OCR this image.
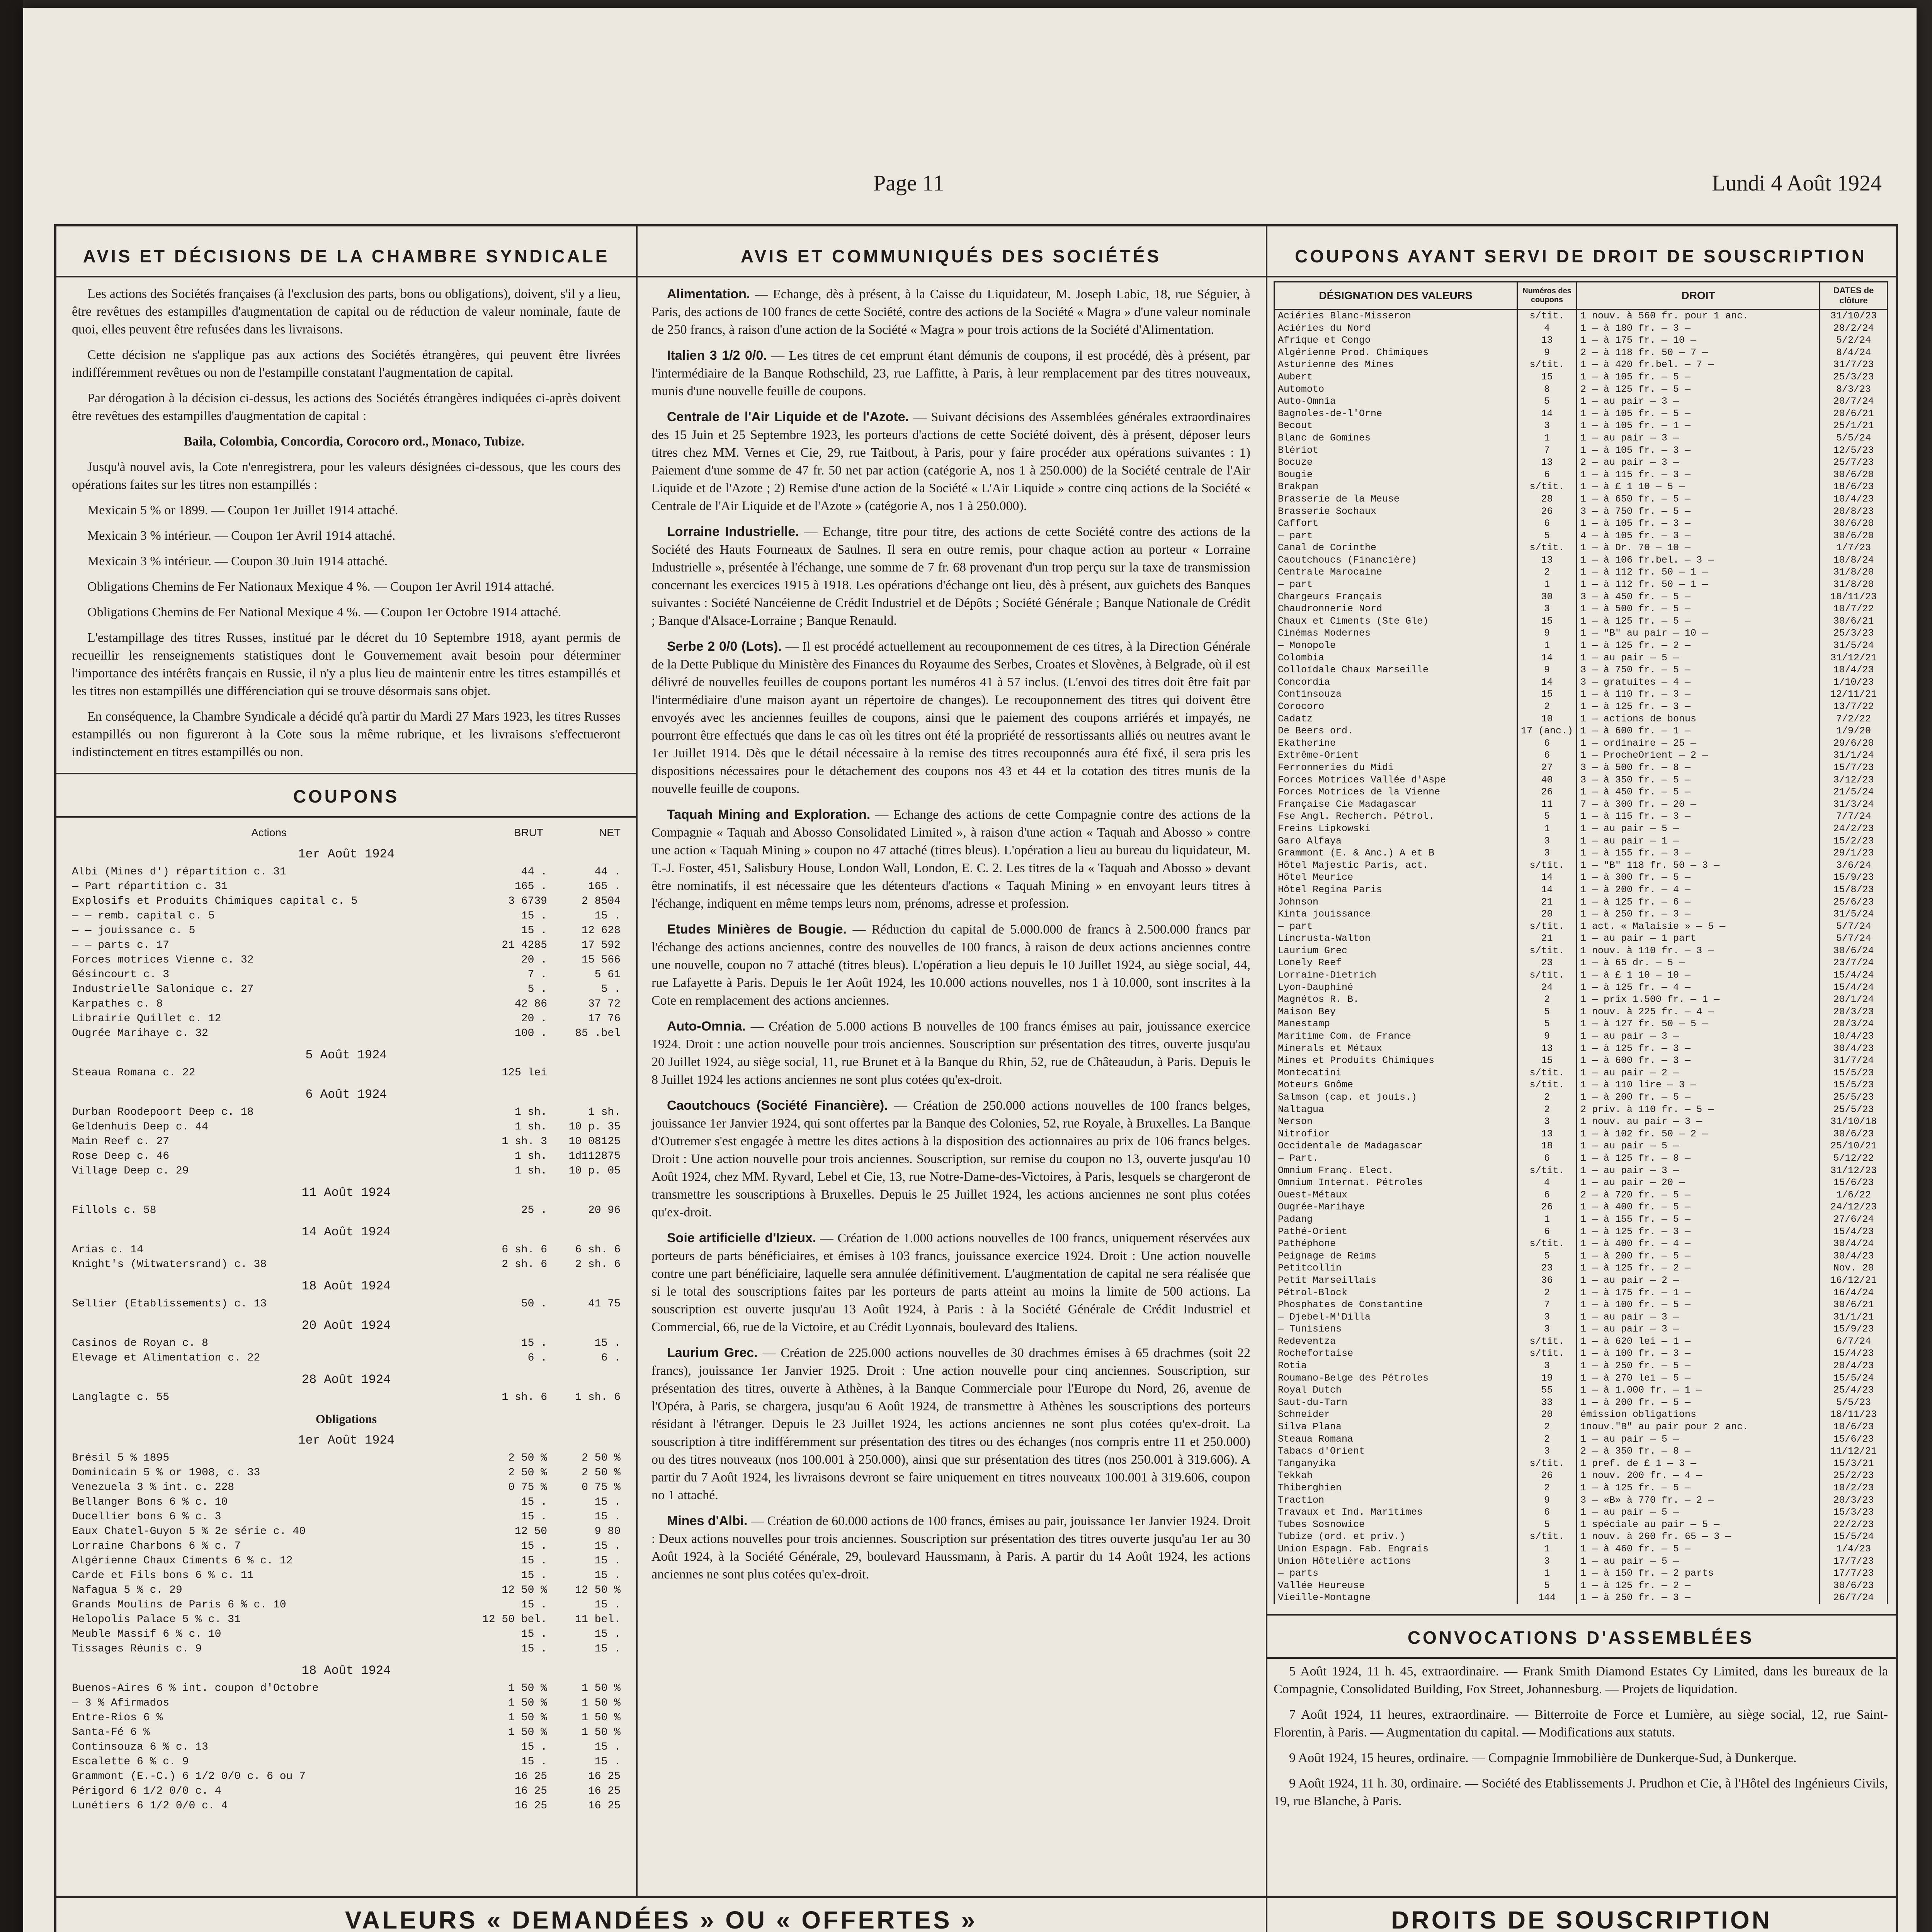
Page 11	Lundi 4 Août 1924
AVIS ET DÉCISIONS DE LA CHAMBRE SYNDICALE

Les actions des Sociétés françaises (à l'exclusion des parts, bons ou obligations), doivent, s'il y a lieu, être revêtues des estampilles d'augmentation de capital ou de réduction de valeur nominale, faute de quoi, elles peuvent être refusées dans les livraisons.

Cette décision ne s'applique pas aux actions des Sociétés étrangères, qui peuvent être livrées indifféremment revêtues ou non de l'estampille constatant l'augmentation de capital.

Par dérogation à la décision ci-dessus, les actions des Sociétés étrangères indiquées ci-après doivent être revêtues des estampilles d'augmentation de capital :

Baila, Colombia, Concordia, Corocoro ord., Monaco, Tubize.

Jusqu'à nouvel avis, la Cote n'enregistrera, pour les valeurs désignées ci-dessous, que les cours des opérations faites sur les titres non estampillés :

Mexicain 5 % or 1899. — Coupon 1er Juillet 1914 attaché.

Mexicain 3 % intérieur. — Coupon 1er Avril 1914 attaché.

Mexicain 3 % intérieur. — Coupon 30 Juin 1914 attaché.

Obligations Chemins de Fer Nationaux Mexique 4 %. — Coupon 1er Avril 1914 attaché.

Obligations Chemins de Fer National Mexique 4 %. — Coupon 1er Octobre 1914 attaché.

L'estampillage des titres Russes, institué par le décret du 10 Septembre 1918, ayant permis de recueillir les renseignements statistiques dont le Gouvernement avait besoin pour déterminer l'importance des intérêts français en Russie, il n'y a plus lieu de maintenir entre les titres estampillés et les titres non estampillés une différenciation qui se trouve désormais sans objet.

En conséquence, la Chambre Syndicale a décidé qu'à partir du Mardi 27 Mars 1923, les titres Russes estampillés ou non figureront à la Cote sous la même rubrique, et les livraisons s'effectueront indistinctement en titres estampillés ou non.

COUPONS
Actions	BRUT	NET
1er Août 1924
Albi (Mines d') répartition c. 31	44 .	44 .
— Part répartition c. 31	165 .	165 .
Explosifs et Produits Chimiques capital c. 5	3 6739	2 8504
— — remb. capital c. 5	15 .	15 .
— — jouissance c. 5	15 .	12 628
— — parts c. 17	21 4285	17 592
Forces motrices Vienne c. 32	20 .	15 566
Gésincourt c. 3	7 .	5 61
Industrielle Salonique c. 27	5 .	5 .
Karpathes c. 8	42 86	37 72
Librairie Quillet c. 12	20 .	17 76
Ougrée Marihaye c. 32	100 .	85 .bel
5 Août 1924
Steaua Romana c. 22	125 lei
6 Août 1924
Durban Roodepoort Deep c. 18	1 sh.	1 sh.
Geldenhuis Deep c. 44	1 sh.	10 p. 35
Main Reef c. 27	1 sh. 3	10 08125
Rose Deep c. 46	1 sh.	1d112875
Village Deep c. 29	1 sh.	10 p. 05
11 Août 1924
Fillols c. 58	25 .	20 96
14 Août 1924
Arias c. 14	6 sh. 6	6 sh. 6
Knight's (Witwatersrand) c. 38	2 sh. 6	2 sh. 6
18 Août 1924
Sellier (Etablissements) c. 13	50 .	41 75
20 Août 1924
Casinos de Royan c. 8	15 .	15 .
Elevage et Alimentation c. 22	6 .	6 .
28 Août 1924
Langlagte c. 55	1 sh. 6	1 sh. 6
Obligations
1er Août 1924
Brésil 5 % 1895	2 50 %	2 50 %
Dominicain 5 % or 1908, c. 33	2 50 %	2 50 %
Venezuela 3 % int. c. 228	0 75 %	0 75 %
Bellanger Bons 6 % c. 10	15 .	15 .
Ducellier bons 6 % c. 3	15 .	15 .
Eaux Chatel-Guyon 5 % 2e série c. 40	12 50	9 80
Lorraine Charbons 6 % c. 7	15 .	15 .
Algérienne Chaux Ciments 6 % c. 12	15 .	15 .
Carde et Fils bons 6 % c. 11	15 .	15 .
Nafagua 5 % c. 29	12 50 %	12 50 %
Grands Moulins de Paris 6 % c. 10	15 .	15 .
Helopolis Palace 5 % c. 31	12 50 bel.	11 bel.
Meuble Massif 6 % c. 10	15 .	15 .
Tissages Réunis c. 9	15 .	15 .
18 Août 1924
Buenos-Aires 6 % int. coupon d'Octobre	1 50 %	1 50 %
— 3 % Afirmados	1 50 %	1 50 %
Entre-Rios 6 %	1 50 %	1 50 %
Santa-Fé 6 %	1 50 %	1 50 %
Continsouza 6 % c. 13	15 .	15 .
Escalette 6 % c. 9	15 .	15 .
Grammont (E.-C.) 6 1/2 0/0 c. 6 ou 7	16 25	16 25
Périgord 6 1/2 0/0 c. 4	16 25	16 25
Lunétiers 6 1/2 0/0 c. 4	16 25	16 25
AVIS ET COMMUNIQUÉS DES SOCIÉTÉS

Alimentation. — Echange, dès à présent, à la Caisse du Liquidateur, M. Joseph Labic, 18, rue Séguier, à Paris, des actions de 100 francs de cette Société, contre des actions de la Société « Magra » d'une valeur nominale de 250 francs, à raison d'une action de la Société « Magra » pour trois actions de la Société d'Alimentation.

Italien 3 1/2 0/0. — Les titres de cet emprunt étant démunis de coupons, il est procédé, dès à présent, par l'intermédiaire de la Banque Rothschild, 23, rue Laffitte, à Paris, à leur remplacement par des titres nouveaux, munis d'une nouvelle feuille de coupons.

Centrale de l'Air Liquide et de l'Azote. — Suivant décisions des Assemblées générales extraordinaires des 15 Juin et 25 Septembre 1923, les porteurs d'actions de cette Société doivent, dès à présent, déposer leurs titres chez MM. Vernes et Cie, 29, rue Taitbout, à Paris, pour y faire procéder aux opérations suivantes : 1) Paiement d'une somme de 47 fr. 50 net par action (catégorie A, nos 1 à 250.000) de la Société centrale de l'Air Liquide et de l'Azote ; 2) Remise d'une action de la Société « L'Air Liquide » contre cinq actions de la Société « Centrale de l'Air Liquide et de l'Azote » (catégorie A, nos 1 à 250.000).

Lorraine Industrielle. — Echange, titre pour titre, des actions de cette Société contre des actions de la Société des Hauts Fourneaux de Saulnes. Il sera en outre remis, pour chaque action au porteur « Lorraine Industrielle », présentée à l'échange, une somme de 7 fr. 68 provenant d'un trop perçu sur la taxe de transmission concernant les exercices 1915 à 1918. Les opérations d'échange ont lieu, dès à présent, aux guichets des Banques suivantes : Société Nancéienne de Crédit Industriel et de Dépôts ; Société Générale ; Banque Nationale de Crédit ; Banque d'Alsace-Lorraine ; Banque Renauld.

Serbe 2 0/0 (Lots). — Il est procédé actuellement au recouponnement de ces titres, à la Direction Générale de la Dette Publique du Ministère des Finances du Royaume des Serbes, Croates et Slovènes, à Belgrade, où il est délivré de nouvelles feuilles de coupons portant les numéros 41 à 57 inclus. (L'envoi des titres doit être fait par l'intermédiaire d'une maison ayant un répertoire de changes). Le recouponnement des titres qui doivent être envoyés avec les anciennes feuilles de coupons, ainsi que le paiement des coupons arriérés et impayés, ne pourront être effectués que dans le cas où les titres ont été la propriété de ressortissants alliés ou neutres avant le 1er Juillet 1914. Dès que le détail nécessaire à la remise des titres recouponnés aura été fixé, il sera pris les dispositions nécessaires pour le détachement des coupons nos 43 et 44 et la cotation des titres munis de la nouvelle feuille de coupons.

Taquah Mining and Exploration. — Echange des actions de cette Compagnie contre des actions de la Compagnie « Taquah and Abosso Consolidated Limited », à raison d'une action « Taquah and Abosso » contre une action « Taquah Mining » coupon no 47 attaché (titres bleus). L'opération a lieu au bureau du liquidateur, M. T.-J. Foster, 451, Salisbury House, London Wall, London, E. C. 2. Les titres de la « Taquah and Abosso » devant être nominatifs, il est nécessaire que les détenteurs d'actions « Taquah Mining » en envoyant leurs titres à l'échange, indiquent en même temps leurs nom, prénoms, adresse et profession.

Etudes Minières de Bougie. — Réduction du capital de 5.000.000 de francs à 2.500.000 francs par l'échange des actions anciennes, contre des nouvelles de 100 francs, à raison de deux actions anciennes contre une nouvelle, coupon no 7 attaché (titres bleus). L'opération a lieu depuis le 10 Juillet 1924, au siège social, 44, rue Lafayette à Paris. Depuis le 1er Août 1924, les 10.000 actions nouvelles, nos 1 à 10.000, sont inscrites à la Cote en remplacement des actions anciennes.

Auto-Omnia. — Création de 5.000 actions B nouvelles de 100 francs émises au pair, jouissance exercice 1924. Droit : une action nouvelle pour trois anciennes. Souscription sur présentation des titres, ouverte jusqu'au 20 Juillet 1924, au siège social, 11, rue Brunet et à la Banque du Rhin, 52, rue de Châteaudun, à Paris. Depuis le 8 Juillet 1924 les actions anciennes ne sont plus cotées qu'ex-droit.

Caoutchoucs (Société Financière). — Création de 250.000 actions nouvelles de 100 francs belges, jouissance 1er Janvier 1924, qui sont offertes par la Banque des Colonies, 52, rue Royale, à Bruxelles. La Banque d'Outremer s'est engagée à mettre les dites actions à la disposition des actionnaires au prix de 106 francs belges. Droit : Une action nouvelle pour trois anciennes. Souscription, sur remise du coupon no 13, ouverte jusqu'au 10 Août 1924, chez MM. Ryvard, Lebel et Cie, 13, rue Notre-Dame-des-Victoires, à Paris, lesquels se chargeront de transmettre les souscriptions à Bruxelles. Depuis le 25 Juillet 1924, les actions anciennes ne sont plus cotées qu'ex-droit.

Soie artificielle d'Izieux. — Création de 1.000 actions nouvelles de 100 francs, uniquement réservées aux porteurs de parts bénéficiaires, et émises à 103 francs, jouissance exercice 1924. Droit : Une action nouvelle contre une part bénéficiaire, laquelle sera annulée définitivement. L'augmentation de capital ne sera réalisée que si le total des souscriptions faites par les porteurs de parts atteint au moins la limite de 500 actions. La souscription est ouverte jusqu'au 13 Août 1924, à Paris : à la Société Générale de Crédit Industriel et Commercial, 66, rue de la Victoire, et au Crédit Lyonnais, boulevard des Italiens.

Laurium Grec. — Création de 225.000 actions nouvelles de 30 drachmes émises à 65 drachmes (soit 22 francs), jouissance 1er Janvier 1925. Droit : Une action nouvelle pour cinq anciennes. Souscription, sur présentation des titres, ouverte à Athènes, à la Banque Commerciale pour l'Europe du Nord, 26, avenue de l'Opéra, à Paris, se chargera, jusqu'au 6 Août 1924, de transmettre à Athènes les souscriptions des porteurs résidant à l'étranger. Depuis le 23 Juillet 1924, les actions anciennes ne sont plus cotées qu'ex-droit. La souscription à titre indifféremment sur présentation des titres ou des échanges (nos compris entre 11 et 250.000) ou des titres nouveaux (nos 100.001 à 250.000), ainsi que sur présentation des titres (nos 250.001 à 319.606). A partir du 7 Août 1924, les livraisons devront se faire uniquement en titres nouveaux 100.001 à 319.606, coupon no 1 attaché.

Mines d'Albi. — Création de 60.000 actions de 100 francs, émises au pair, jouissance 1er Janvier 1924. Droit : Deux actions nouvelles pour trois anciennes. Souscription sur présentation des titres ouverte jusqu'au 1er au 30 Août 1924, à la Société Générale, 29, boulevard Haussmann, à Paris. A partir du 14 Août 1924, les actions anciennes ne sont plus cotées qu'ex-droit.

COUPONS AYANT SERVI DE DROIT DE SOUSCRIPTION
DÉSIGNATION DES VALEURS	Numéros des coupons	DROIT	DATES de clôture
Aciéries Blanc-Misseron	s/tit.	1 nouv. à 560 fr. pour 1 anc.	31/10/23
Aciéries du Nord	4	1 — à 180 fr. — 3 —	28/2/24
Afrique et Congo	13	1 — à 175 fr. — 10 —	5/2/24
Algérienne Prod. Chimiques	9	2 — à 118 fr. 50 — 7 —	8/4/24
Asturienne des Mines	s/tit.	1 — à 420 fr.bel. — 7 —	31/7/23
Aubert	15	1 — à 105 fr. — 5 —	25/3/23
Automoto	8	2 — à 125 fr. — 5 —	8/3/23
Auto-Omnia	5	1 — au pair — 3 —	20/7/24
Bagnoles-de-l'Orne	14	1 — à 105 fr. — 5 —	20/6/21
Becout	3	1 — à 105 fr. — 1 —	25/1/21
Blanc de Gomines	1	1 — au pair — 3 —	5/5/24
Blériot	7	1 — à 105 fr. — 3 —	12/5/23
Bocuze	13	2 — au pair — 3 —	25/7/23
Bougie	6	1 — à 115 fr. — 3 —	30/6/20
Brakpan	s/tit.	1 — à £ 1 10 — 5 —	18/6/23
Brasserie de la Meuse	28	1 — à 650 fr. — 5 —	10/4/23
Brasserie Sochaux	26	3 — à 750 fr. — 5 —	20/8/23
Caffort	6	1 — à 105 fr. — 3 —	30/6/20
— part	5	4 — à 105 fr. — 3 —	30/6/20
Canal de Corinthe	s/tit.	1 — à Dr. 70 — 10 —	1/7/23
Caoutchoucs (Financière)	13	1 — à 106 fr.bel. — 3 —	10/8/24
Centrale Marocaine	2	1 — à 112 fr. 50 — 1 —	31/8/20
— part	1	1 — à 112 fr. 50 — 1 —	31/8/20
Chargeurs Français	30	3 — à 450 fr. — 5 —	18/11/23
Chaudronnerie Nord	3	1 — à 500 fr. — 5 —	10/7/22
Chaux et Ciments (Ste Gle)	15	1 — à 125 fr. — 5 —	30/6/21
Cinémas Modernes	9	1 — "B" au pair — 10 —	25/3/23
— Monopole	1	1 — à 125 fr. — 2 —	31/5/24
Colombia	14	1 — au pair — 5 —	31/12/21
Colloïdale Chaux Marseille	9	3 — à 750 fr. — 5 —	10/4/23
Concordia	14	3 — gratuites — 4 —	1/10/23
Continsouza	15	1 — à 110 fr. — 3 —	12/11/21
Corocoro	2	1 — à 125 fr. — 3 —	13/7/22
Cadatz	10	1 — actions de bonus	7/2/22
De Beers ord.	17 (anc.)	1 — à 600 fr. — 1 —	1/9/20
Ekatherine	6	1 — ordinaire — 25 —	29/6/20
Extrême-Orient	6	1 — ProcheOrient — 2 —	31/1/24
Ferronneries du Midi	27	3 — à 500 fr. — 8 —	15/7/23
Forces Motrices Vallée d'Aspe	40	3 — à 350 fr. — 5 —	3/12/23
Forces Motrices de la Vienne	26	1 — à 450 fr. — 5 —	21/5/24
Française Cie Madagascar	11	7 — à 300 fr. — 20 —	31/3/24
Fse Angl. Recherch. Pétrol.	5	1 — à 115 fr. — 3 —	7/7/24
Freins Lipkowski	1	1 — au pair — 5 —	24/2/23
Garo Alfaya	3	1 — au pair — 1 —	15/2/23
Grammont (E. & Anc.) A et B	3	1 — à 155 fr. — 3 —	29/1/23
Hôtel Majestic Paris, act.	s/tit.	1 — "B" 118 fr. 50 — 3 —	3/6/24
Hôtel Meurice	14	1 — à 300 fr. — 5 —	15/9/23
Hôtel Regina Paris	14	1 — à 200 fr. — 4 —	15/8/23
Johnson	21	1 — à 125 fr. — 6 —	25/6/23
Kinta jouissance	20	1 — à 250 fr. — 3 —	31/5/24
— part	s/tit.	1 act. « Malaisie » — 5 —	5/7/24
Lincrusta-Walton	21	1 — au pair — 1 part	5/7/24
Laurium Grec	s/tit.	1 nouv. à 110 fr. — 3 —	30/6/24
Lonely Reef	23	1 — à 65 dr. — 5 —	23/7/24
Lorraine-Dietrich	s/tit.	1 — à £ 1 10 — 10 —	15/4/24
Lyon-Dauphiné	24	1 — à 125 fr. — 4 —	15/4/24
Magnétos R. B.	2	1 — prix 1.500 fr. — 1 —	20/1/24
Maison Bey	5	1 nouv. à 225 fr. — 4 —	20/3/23
Manestamp	5	1 — à 127 fr. 50 — 5 —	20/3/24
Maritime Com. de France	9	1 — au pair — 3 —	10/4/23
Minerals et Métaux	13	1 — à 125 fr. — 3 —	30/4/23
Mines et Produits Chimiques	15	1 — à 600 fr. — 3 —	31/7/24
Montecatini	s/tit.	1 — au pair — 2 —	15/5/23
Moteurs Gnôme	s/tit.	1 — à 110 lire — 3 —	15/5/23
Salmson (cap. et jouis.)	2	1 — à 200 fr. — 5 —	25/5/23
Naltagua	2	2 priv. à 110 fr. — 5 —	25/5/23
Nerson	3	1 nouv. au pair — 3 —	31/10/18
Nitrofior	13	1 — à 102 fr. 50 — 2 —	30/6/23
Occidentale de Madagascar	18	1 — au pair — 5 —	25/10/21
— Part.	6	1 — à 125 fr. — 8 —	5/12/22
Omnium Franç. Elect.	s/tit.	1 — au pair — 3 —	31/12/23
Omnium Internat. Pétroles	4	1 — au pair — 20 —	15/6/23
Ouest-Métaux	6	2 — à 720 fr. — 5 —	1/6/22
Ougrée-Marihaye	26	1 — à 400 fr. — 5 —	24/12/23
Padang	1	1 — à 155 fr. — 5 —	27/6/24
Pathé-Orient	6	1 — à 125 fr. — 3 —	15/4/23
Pathéphone	s/tit.	1 — à 400 fr. — 4 —	30/4/24
Peignage de Reims	5	1 — à 200 fr. — 5 —	30/4/23
Petitcollin	23	1 — à 125 fr. — 2 —	Nov. 20
Petit Marseillais	36	1 — au pair — 2 —	16/12/21
Pétrol-Block	2	1 — à 175 fr. — 1 —	16/4/24
Phosphates de Constantine	7	1 — à 100 fr. — 5 —	30/6/21
— Djebel-M'Dilla	3	1 — au pair — 3 —	31/1/21
— Tunisiens	3	1 — au pair — 3 —	15/9/23
Redeventza	s/tit.	1 — à 620 lei — 1 —	6/7/24
Rochefortaise	s/tit.	1 — à 100 fr. — 3 —	15/4/23
Rotia	3	1 — à 250 fr. — 5 —	20/4/23
Roumano-Belge des Pétroles	19	1 — à 270 lei — 5 —	15/5/24
Royal Dutch	55	1 — à 1.000 fr. — 1 —	25/4/23
Saut-du-Tarn	33	1 — à 200 fr. — 5 —	5/5/23
Schneider	20	émission obligations	18/11/23
Silva Plana	2	1nouv."B" au pair pour 2 anc.	10/6/23
Steaua Romana	2	1 — au pair — 5 —	15/6/23
Tabacs d'Orient	3	2 — à 350 fr. — 8 —	11/12/21
Tanganyika	s/tit.	1 pref. de £ 1 — 3 —	15/3/21
Tekkah	26	1 nouv. 200 fr. — 4 —	25/2/23
Thiberghien	2	1 — à 125 fr. — 5 —	10/2/23
Traction	9	3 — «B» à 770 fr. — 2 —	20/3/23
Travaux et Ind. Maritimes	6	1 — au pair — 5 —	15/3/23
Tubes Sosnowice	5	1 spéciale au pair — 5 —	22/2/23
Tubize (ord. et priv.)	s/tit.	1 nouv. à 260 fr. 65 — 3 —	15/5/24
Union Espagn. Fab. Engrais	1	1 — à 460 fr. — 5 —	1/4/23
Union Hôtelière actions	3	1 — au pair — 5 —	17/7/23
— parts	1	1 — à 150 fr. — 2 parts	17/7/23
Vallée Heureuse	5	1 — à 125 fr. — 2 —	30/6/23
Vieille-Montagne	144	1 — à 250 fr. — 3 —	26/7/24
CONVOCATIONS D'ASSEMBLÉES

5 Août 1924, 11 h. 45, extraordinaire. — Frank Smith Diamond Estates Cy Limited, dans les bureaux de la Compagnie, Consolidated Building, Fox Street, Johannesburg. — Projets de liquidation.

7 Août 1924, 11 heures, extraordinaire. — Bitterroite de Force et Lumière, au siège social, 12, rue Saint-Florentin, à Paris. — Augmentation du capital. — Modifications aux statuts.

9 Août 1924, 15 heures, ordinaire. — Compagnie Immobilière de Dunkerque-Sud, à Dunkerque.

9 Août 1924, 11 h. 30, ordinaire. — Société des Etablissements J. Prudhon et Cie, à l'Hôtel des Ingénieurs Civils, 19, rue Blanche, à Paris.

VALEURS « DEMANDÉES » OU « OFFERTES »

			DROITS DE SOUSCRIPTION
